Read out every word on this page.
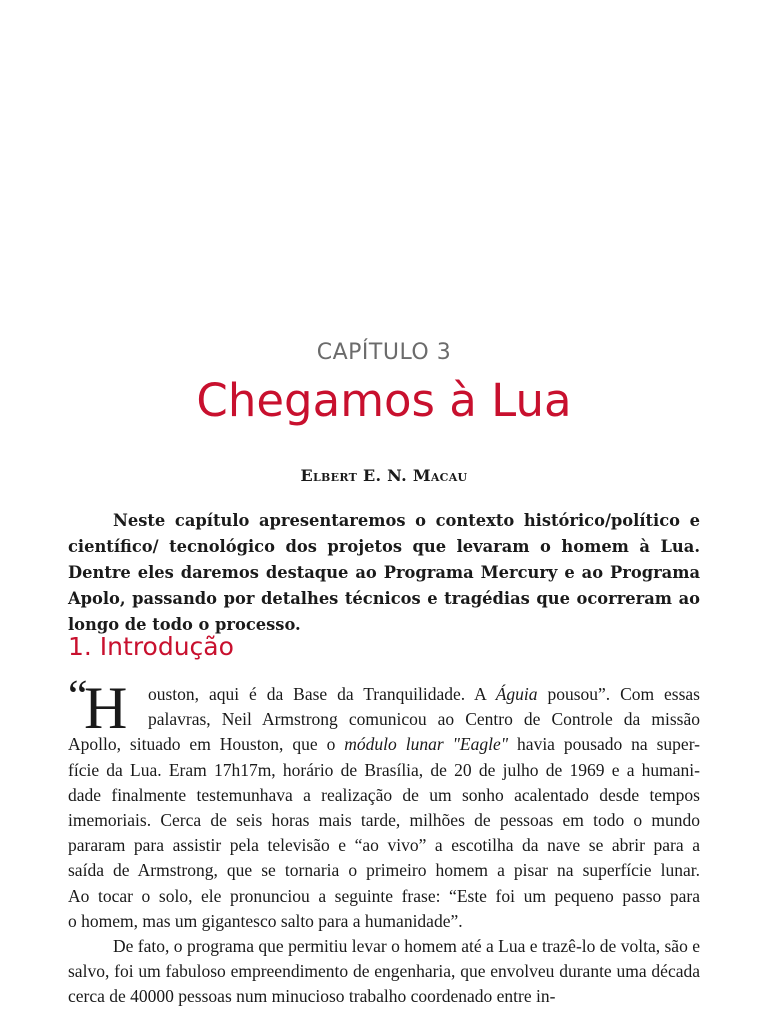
CAPÍTULO 3
Chegamos à Lua
Elbert E. N. Macau

Neste capítulo apresentaremos o contexto histórico/político e científico/ tecnológico dos projetos que levaram o homem à Lua. Dentre eles daremos destaque ao Programa Mercury e ao Programa Apolo, passando por detalhes técnicos e tragédias que ocorreram ao longo de todo o processo.

1. Introdução
“
H	ouston, aqui é da Base da Tranquilidade. A Águia pousou”. Com essas
palavras, Neil Armstrong comunicou ao Centro de Controle da missão
Apollo, situado em Houston, que o módulo lunar "Eagle" havia pousado na super-
fície da Lua. Eram 17h17m, horário de Brasília, de 20 de julho de 1969 e a humani-
dade finalmente testemunhava a realização de um sonho acalentado desde tempos
imemoriais. Cerca de seis horas mais tarde, milhões de pessoas em todo o mundo
pararam para assistir pela televisão e “ao vivo” a escotilha da nave se abrir para a
saída de Armstrong, que se tornaria o primeiro homem a pisar na superfície lunar.
Ao tocar o solo, ele pronunciou a seguinte frase: “Este foi um pequeno passo para
o homem, mas um gigantesco salto para a humanidade”.

De fato, o programa que permitiu levar o homem até a Lua e trazê-lo de volta, são e salvo, foi um fabuloso empreendimento de engenharia, que envolveu durante uma década cerca de 40000 pessoas num minucioso trabalho coordenado entre in-
